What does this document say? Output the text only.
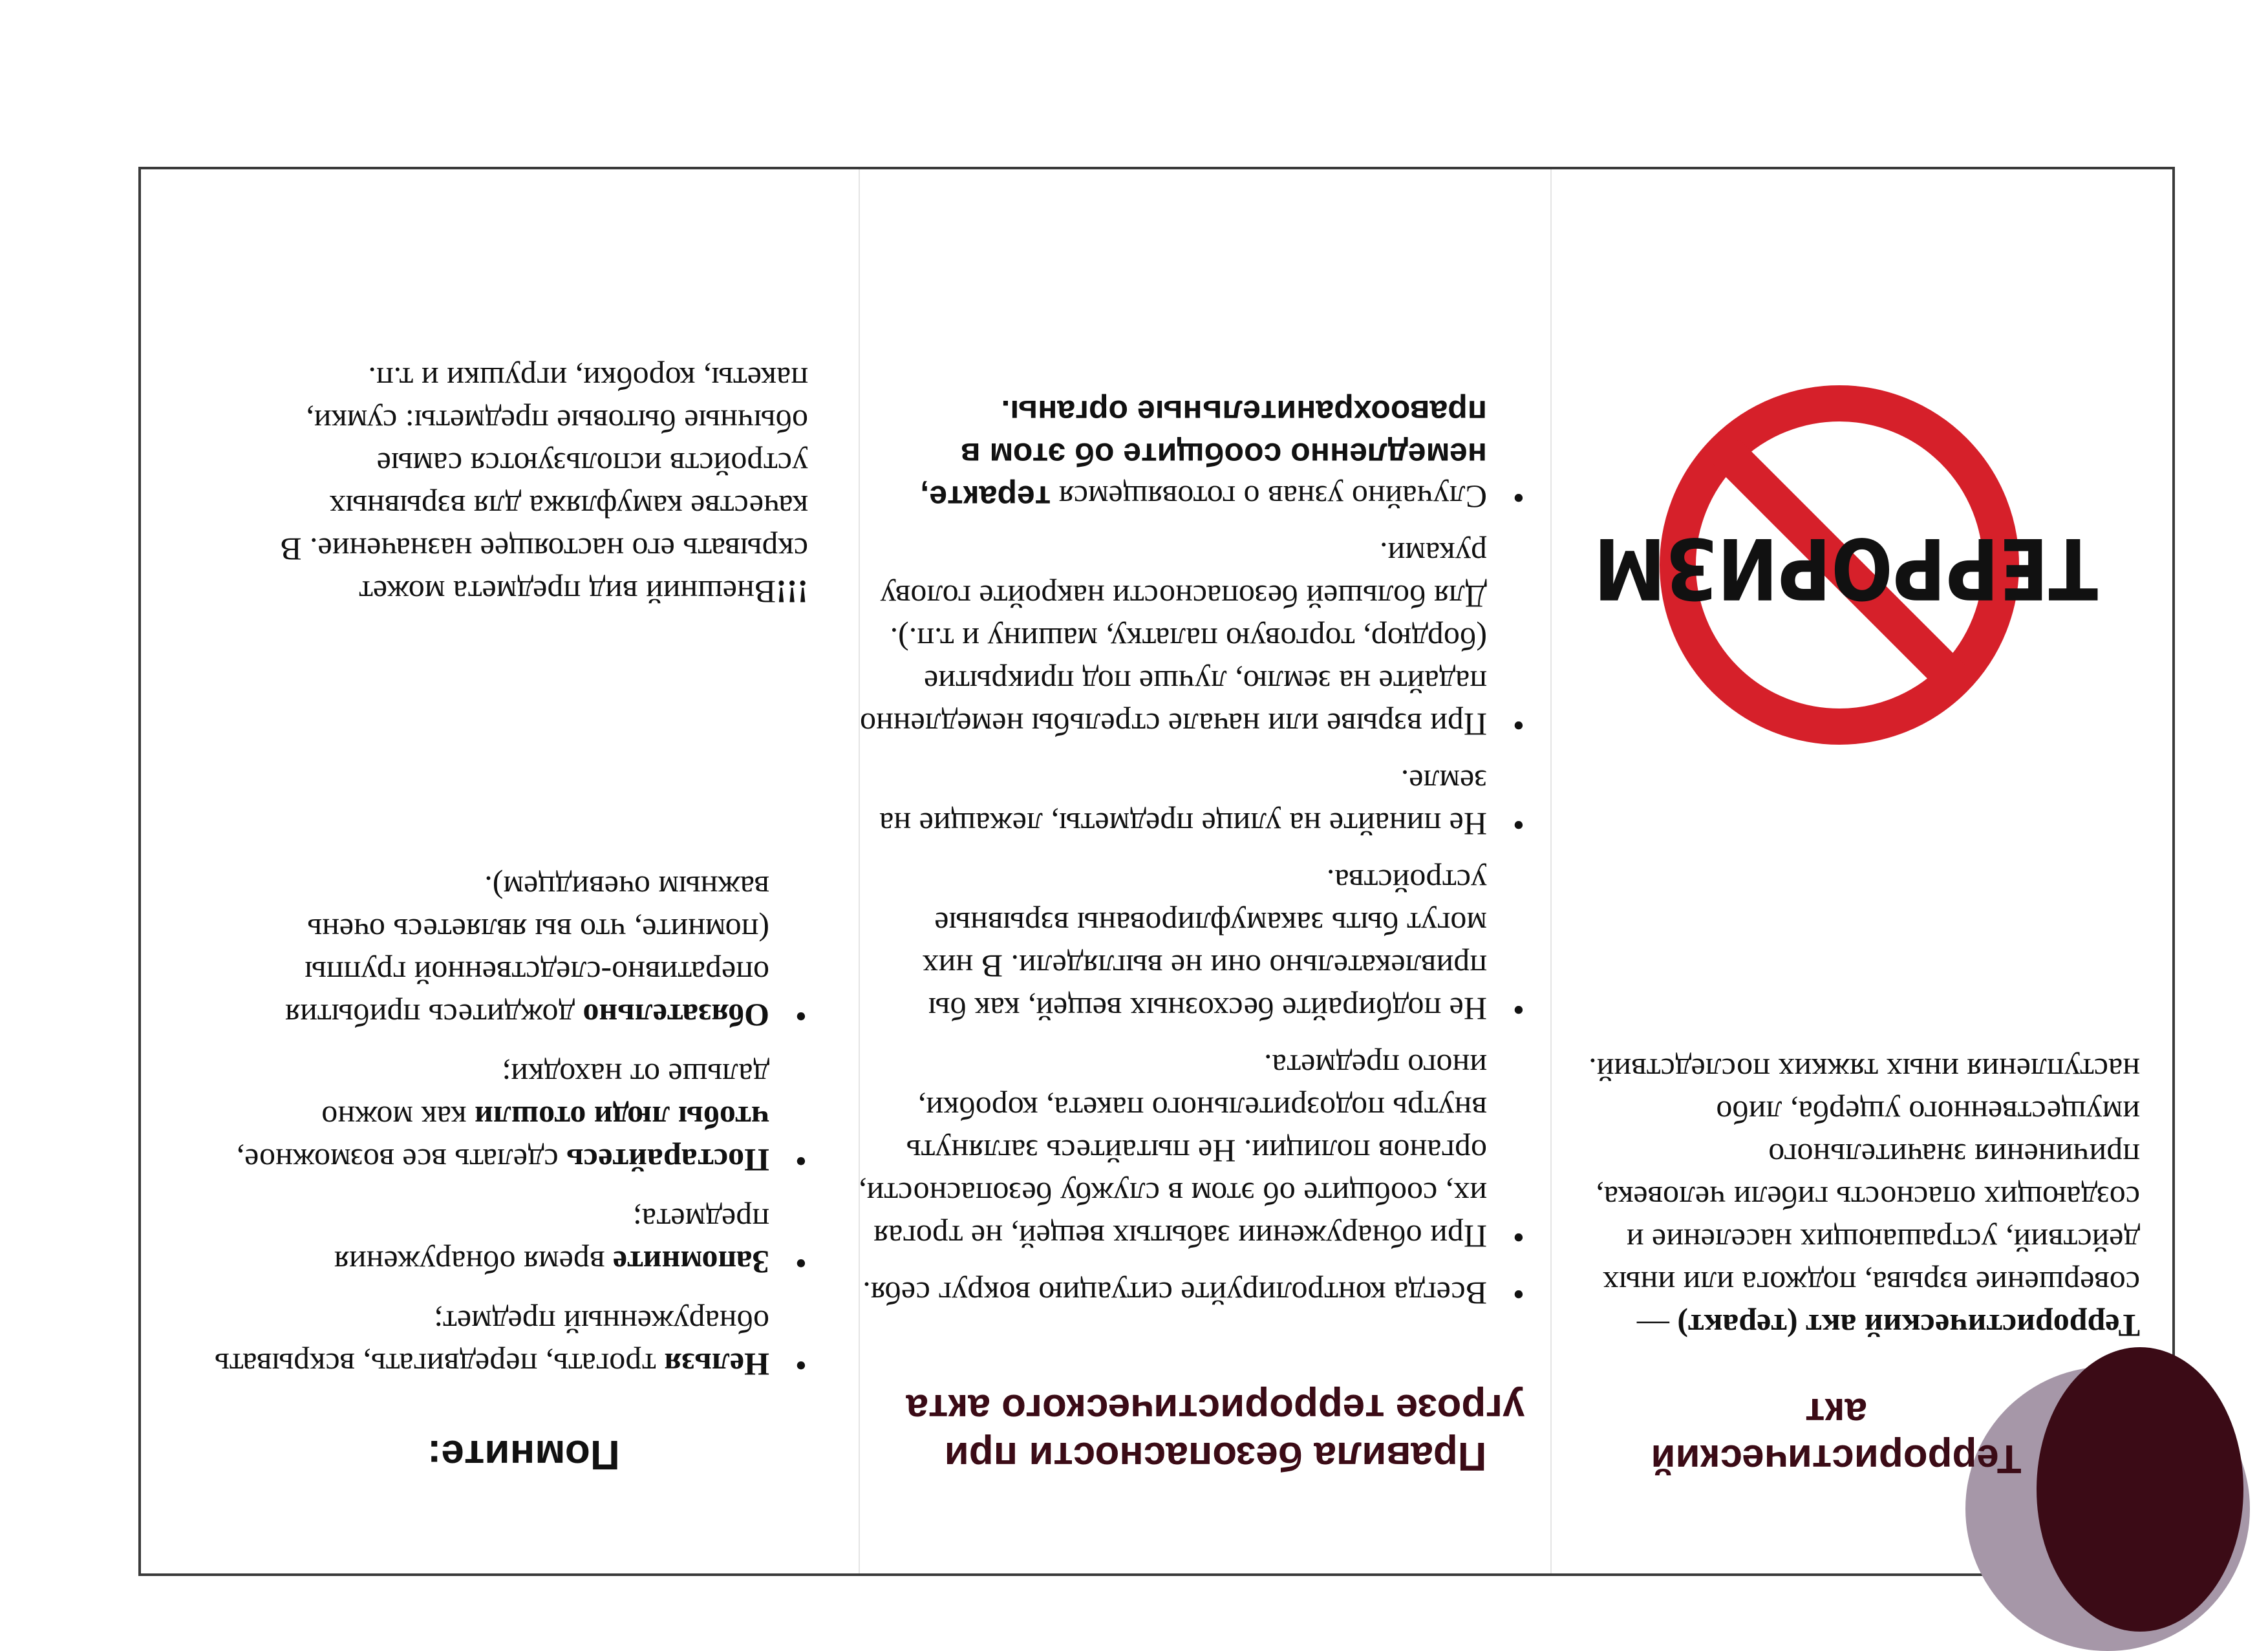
Террористический акт

Террористический акт (теракт) — совершение взрыва, поджога или иных действий, устрашающих население и создающих опасность гибели человека, причинения значительного имущественного ущерба, либо наступления иных тяжких последствий.

ТЕРРОРИЗМ
Правила безопасности при угрозе террористического акта
• Всегда контролируйте ситуацию вокруг себя.
• При обнаружении забытых вещей, не трогая их, сообщите об этом в службу безопасности, органов полиции. Не пытайтесь заглянуть внутрь подозрительного пакета, коробки, иного предмета.
• Не подбирайте бесхозных вещей, как бы привлекательно они не выглядели. В них могут быть закамуфлированы взрывные устройства.
• Не пинайте на улице предметы, лежащие на земле.
• При взрыве или начале стрельбы немедленно падайте на землю, лучше под прикрытие (бордюр, торговую палатку, машину и т.п.). Для большей безопасности накройте голову руками.
• Случайно узнав о готовящемся теракте, немедленно сообщите об этом в правоохранительные органы.
Помните:
• Нельзя трогать, передвигать, вскрывать обнаруженный предмет;
• Запомните время обнаружения предмета;
• Постарайтесь сделать все возможное, чтобы люди отошли как можно дальше от находки;
• Обязательно дождитесь прибытия оперативно-следственной группы (помните, что вы являетесь очень важным очевидцем).

!!!Внешний вид предмета может скрывать его настоящее назначение. В качестве камуфляжа для взрывных устройств используются самые обычные бытовые предметы: сумки, пакеты, коробки, игрушки и т.п.
